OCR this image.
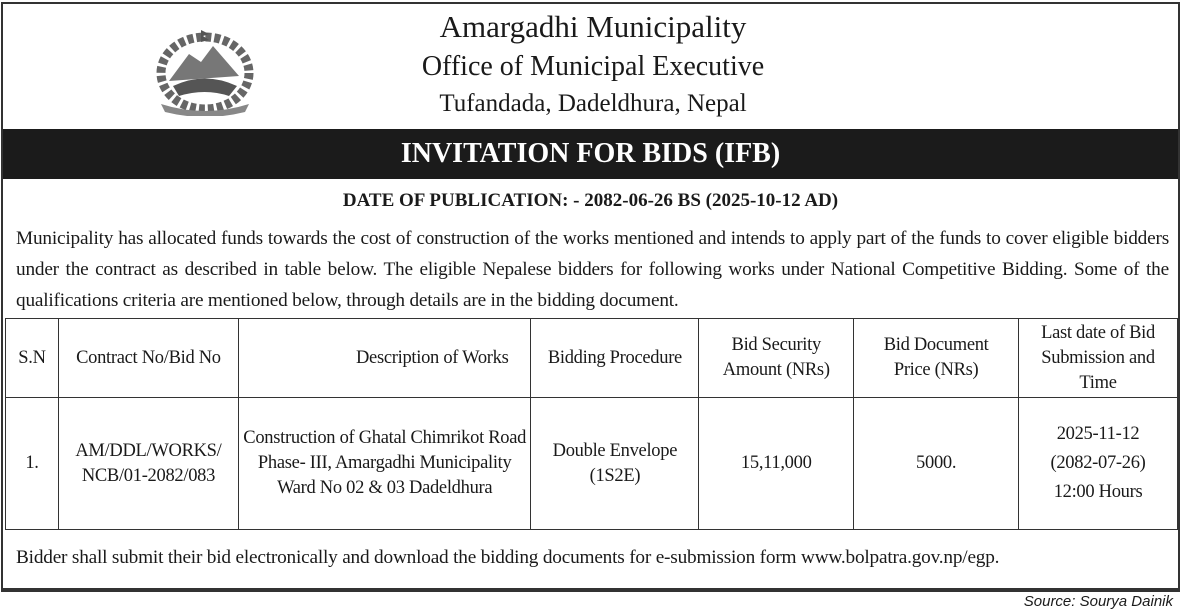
Amargadhi Municipality
Office of Municipal Executive
Tufandada, Dadeldhura, Nepal
INVITATION FOR BIDS (IFB)
DATE OF PUBLICATION: - 2082-06-26 BS (2025-10-12 AD)
Municipality has allocated funds towards the cost of construction of the works mentioned and intends to apply part of the funds to cover eligible bidders under the contract as described in table below. The eligible Nepalese bidders for following works under National Competitive Bidding. Some of the qualifications criteria are mentioned below, through details are in the bidding document.
S.N	Contract No/Bid No	Description of Works	Bidding Procedure	Bid Security Amount (NRs)	Bid Document Price (NRs)	Last date of Bid Submission and Time
1.	AM/DDL/WORKS/ NCB/01-2082/083	Construction of Ghatal Chimrikot Road Phase- III, Amargadhi Municipality Ward No 02 & 03 Dadeldhura	Double Envelope (1S2E)	15,11,000	5000.	2025-11-12
(2082-07-26)
12:00 Hours
Bidder shall submit their bid electronically and download the bidding documents for e-submission form www.bolpatra.gov.np/egp.
Source: Sourya Dainik
